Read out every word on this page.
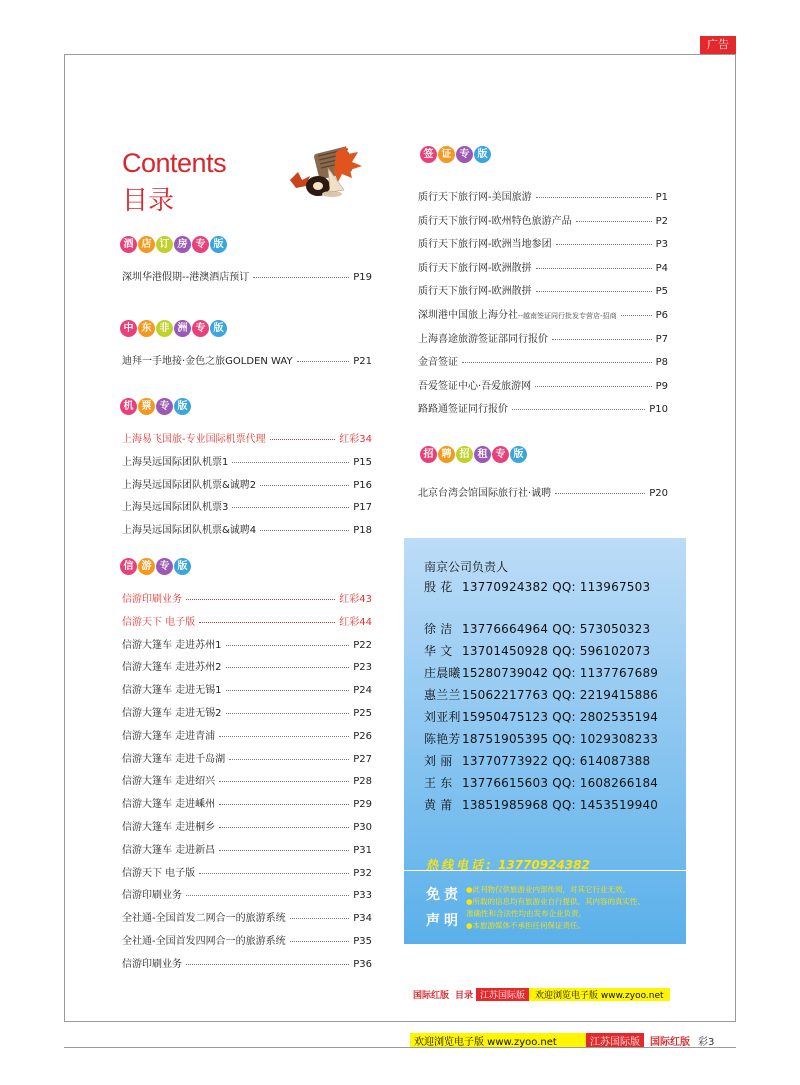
广告
Contents
目录
酒 店 订 房 专 版
深圳华港假期--港澳酒店预订	P19
中 东 非 洲 专 版
迪拜一手地接·金色之旅GOLDEN WAY	P21
机 票 专 版
上海易飞国旅-专业国际机票代理	红彩34
上海昊远国际团队机票1	P15
上海昊远国际团队机票&诚聘2	P16
上海昊远国际团队机票3	P17
上海昊远国际团队机票&诚聘4	P18
信 游 专 版
信游印刷业务	红彩43
信游天下 电子版	红彩44
信游大篷车 走进苏州1	P22
信游大篷车 走进苏州2	P23
信游大篷车 走进无锡1	P24
信游大篷车 走进无锡2	P25
信游大篷车 走进青浦	P26
信游大篷车 走进千岛湖	P27
信游大篷车 走进绍兴	P28
信游大篷车 走进嵊州	P29
信游大篷车 走进桐乡	P30
信游大篷车 走进新昌	P31
信游天下 电子版	P32
信游印刷业务	P33
全社通-全国首发二网合一的旅游系统	P34
全社通-全国首发四网合一的旅游系统	P35
信游印刷业务	P36
签 证 专 版
质行天下旅行网-美国旅游	P1
质行天下旅行网-欧州特色旅游产品	P2
质行天下旅行网-欧洲当地参团	P3
质行天下旅行网-欧洲散拼	P4
质行天下旅行网-欧洲散拼	P5
深圳港中国旅上海分社 --越南签证同行批发专营店-招商	P6
上海喜途旅游签证部同行报价	P7
金音签证	P8
吾爱签证中心·吾爱旅游网	P9
路路通签证同行报价	P10
招 聘 招 租 专 版
北京台湾会馆国际旅行社·诚聘	P20
南京公司负责人
殷 花 13770924382 QQ: 113967503
徐 洁 13776664964 QQ: 573050323
华 文 13701450928 QQ: 596102073
庄晨曦15280739042 QQ: 1137767689
惠兰兰15062217763 QQ: 2219415886
刘亚利15950475123 QQ: 2802535194
陈艳芳18751905395 QQ: 1029308233
刘 丽 13770773922 QQ: 614087388
王 东 13776615603 QQ: 1608266184
黄 莆 13851985968 QQ: 1453519940
热线电话: 13770924382
免责
声明
●此刊物仅供旅游业内部传阅，对其它行业无效。
●所载的信息均有旅游业自行提供，其内容的真实性、
准确性和合法性均由发布企业负责。
●本旅游媒体不承担任何保证责任。
国际红版 目录 江苏国际版	欢迎浏览电子版 www.zyoo.net
欢迎浏览电子版 www.zyoo.net	江苏国际版	国际红版 彩3
